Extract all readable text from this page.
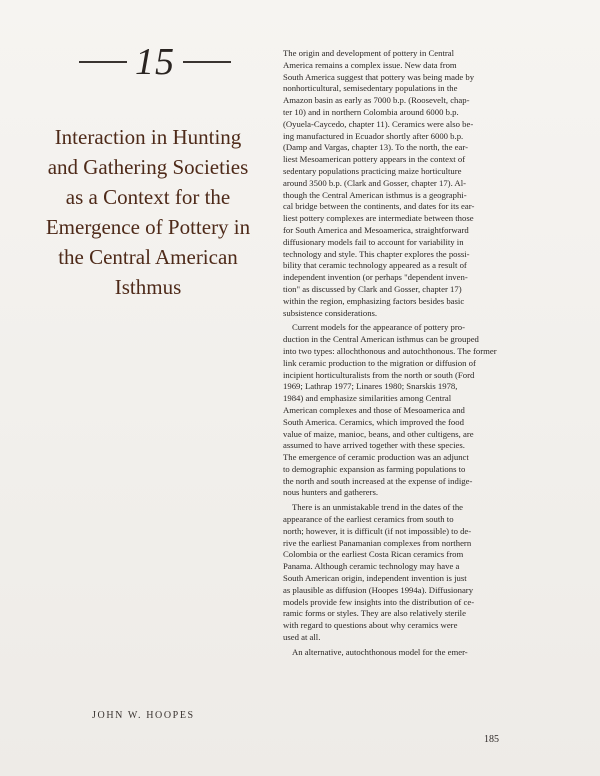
15
Interaction in Hunting
and Gathering Societies
as a Context for the
Emergence of Pottery in
the Central American
Isthmus
JOHN W. HOOPES

The origin and development of pottery in Central
America remains a complex issue. New data from
South America suggest that pottery was being made by
nonhorticultural, semisedentary populations in the
Amazon basin as early as 7000 b.p. (Roosevelt, chap-
ter 10) and in northern Colombia around 6000 b.p.
(Oyuela-Caycedo, chapter 11). Ceramics were also be-
ing manufactured in Ecuador shortly after 6000 b.p.
(Damp and Vargas, chapter 13). To the north, the ear-
liest Mesoamerican pottery appears in the context of
sedentary populations practicing maize horticulture
around 3500 b.p. (Clark and Gosser, chapter 17). Al-
though the Central American isthmus is a geographi-
cal bridge between the continents, and dates for its ear-
liest pottery complexes are intermediate between those
for South America and Mesoamerica, straightforward
diffusionary models fail to account for variability in
technology and style. This chapter explores the possi-
bility that ceramic technology appeared as a result of
independent invention (or perhaps "dependent inven-
tion" as discussed by Clark and Gosser, chapter 17)
within the region, emphasizing factors besides basic
subsistence considerations.

Current models for the appearance of pottery pro-
duction in the Central American isthmus can be grouped
into two types: allochthonous and autochthonous. The former
link ceramic production to the migration or diffusion of
incipient horticulturalists from the north or south (Ford
1969; Lathrap 1977; Linares 1980; Snarskis 1978,
1984) and emphasize similarities among Central
American complexes and those of Mesoamerica and
South America. Ceramics, which improved the food
value of maize, manioc, beans, and other cultigens, are
assumed to have arrived together with these species.
The emergence of ceramic production was an adjunct
to demographic expansion as farming populations to
the north and south increased at the expense of indige-
nous hunters and gatherers.

There is an unmistakable trend in the dates of the
appearance of the earliest ceramics from south to
north; however, it is difficult (if not impossible) to de-
rive the earliest Panamanian complexes from northern
Colombia or the earliest Costa Rican ceramics from
Panama. Although ceramic technology may have a
South American origin, independent invention is just
as plausible as diffusion (Hoopes 1994a). Diffusionary
models provide few insights into the distribution of ce-
ramic forms or styles. They are also relatively sterile
with regard to questions about why ceramics were
used at all.

An alternative, autochthonous model for the emer-

185
